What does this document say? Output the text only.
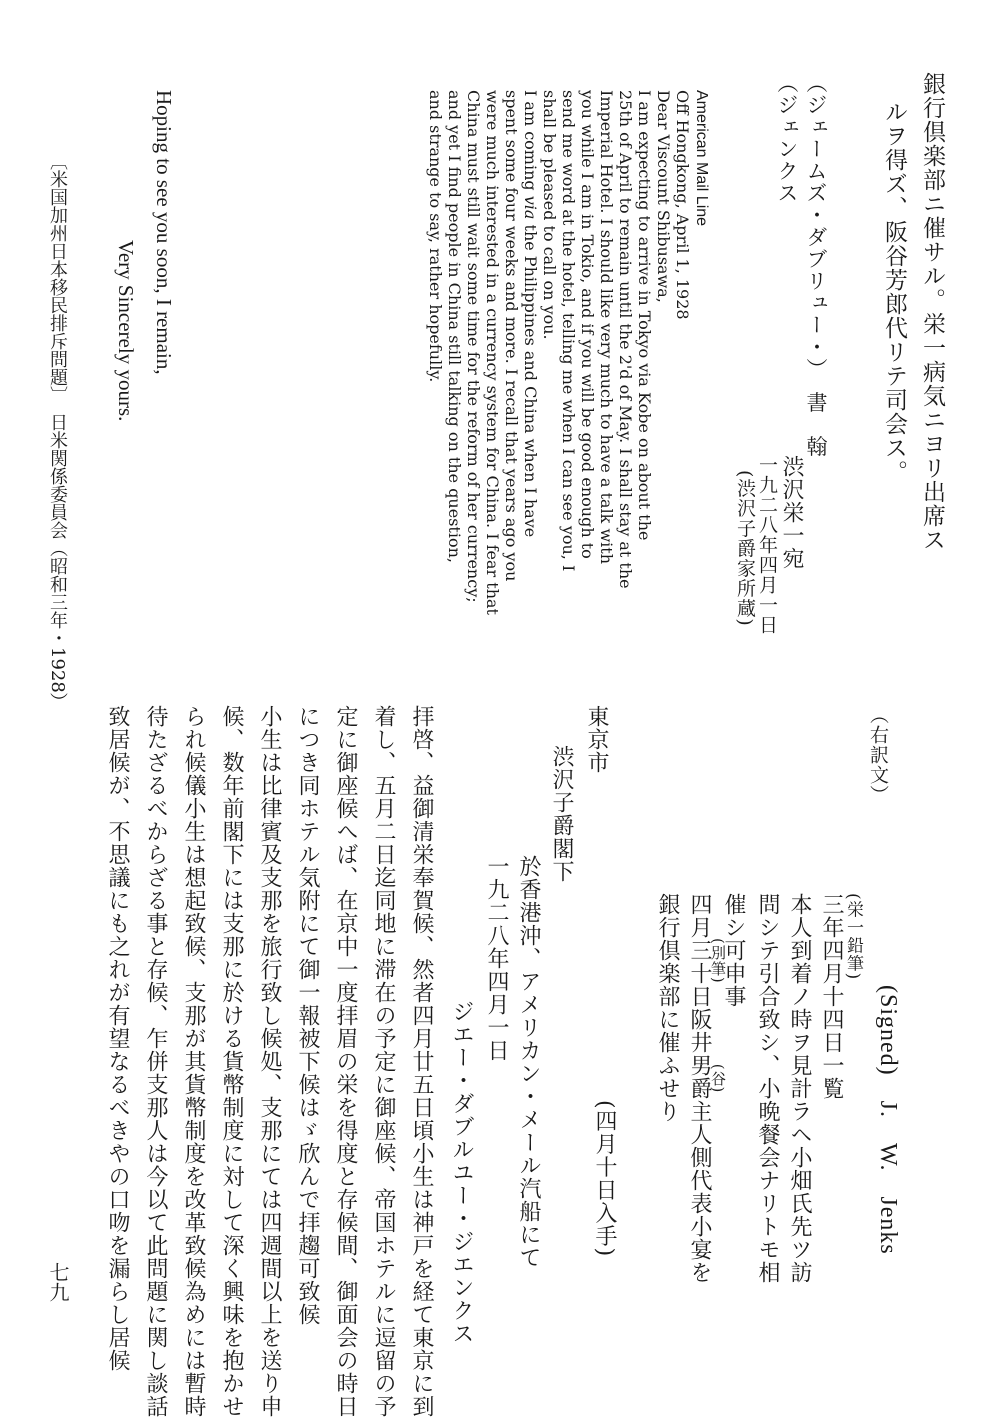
（右訳文）
(Signed)　J.　W.　Jenks
(栄一鉛筆)
三年四月十四日一覧
本人到着ノ時ヲ見計ラヘ小畑氏先ツ訪
問シテ引合致シ、小晩餐会ナリトモ相
催シ可申事
(別筆)　　　　　(谷)
四月三十日阪井男爵主人側代表小宴を
銀行倶楽部に催ふせり
(四月十日入手)
東京市
渋沢子爵閣下
於香港沖、アメリカン・メール汽船にて
一九二八年四月一日
ジエー・ダブルユー・ジエンクス
拝啓、益御清栄奉賀候、然者四月廿五日頃小生は神戸を経て東京に到
着し、五月二日迄同地に滞在の予定に御座候、帝国ホテルに逗留の予
定に御座候へば、在京中一度拝眉の栄を得度と存候間、御面会の時日
につき同ホテル気附にて御一報被下候はゞ欣んで拝趨可致候
小生は比律賓及支那を旅行致し候処、支那にては四週間以上を送り申
候、数年前閣下には支那に於ける貨幣制度に対して深く興味を抱かせ
られ候儀小生は想起致候、支那が其貨幣制度を改革致候為めには暫時
待たざるべからざる事と存候、乍併支那人は今以て此問題に関し談話
致居候が、不思議にも之れが有望なるべきやの口吻を漏らし居候
銀行倶楽部ニ催サル。栄一病気ニヨリ出席ス
ルヲ得ズ、阪谷芳郎代リテ司会ス。
（ジェームズ・ダブリュー・）　書　翰
（ジェンクス
渋沢栄一宛
一九二八年四月一日
(渋沢子爵家所蔵)
American Mail Line
Off Hongkong, April 1, 1928
Dear Viscount Shibusawa,
I am expecting to arrive in Tokyo via Kobe on about the
25th of April to remain until the 2'd of May. I shall stay at the
Imperial Hotel. I should like very much to have a talk with
you while I am in Tokio, and if you will be good enough to
send me word at the hotel, telling me when I can see you, I
shall be pleased to call on you.
I am coming via the Philippines and China when I have
spent some four weeks and more. I recall that years ago you
were much interested in a currency system for China. I fear that
China must still wait some time for the reform of her currency;
and yet I find people in China still talking on the question,
and strange to say, rather hopefully.
Hoping to see you soon, I remain,
Very Sincerely yours.
〔米国加州日本移民排斥問題〕　日米関係委員会（昭和三年・1928）
七九
